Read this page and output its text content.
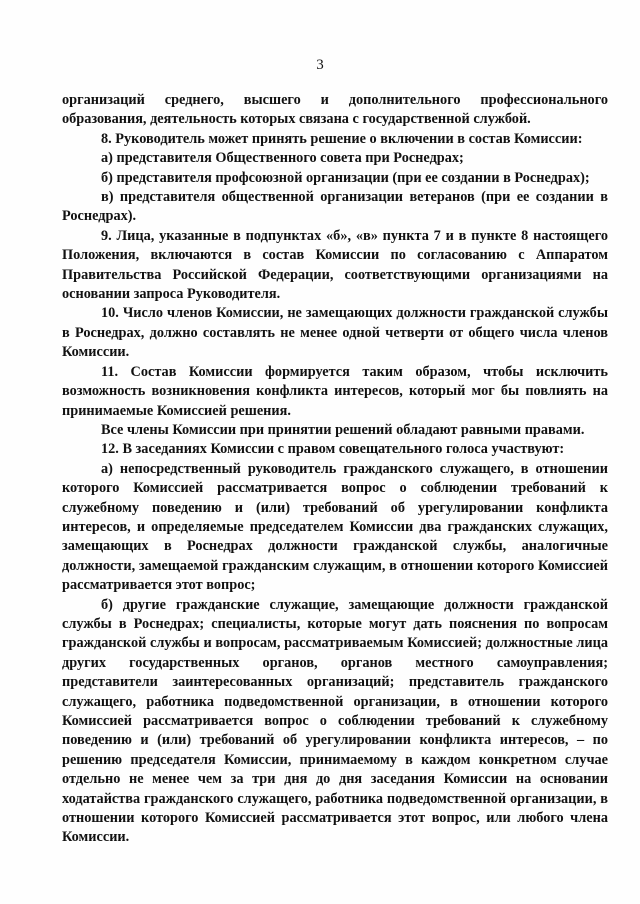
3

организаций среднего, высшего и дополнительного профессионального образования, деятельность которых связана с государственной службой.

8. Руководитель может принять решение о включении в состав Комиссии:

а) представителя Общественного совета при Роснедрах;

б) представителя профсоюзной организации (при ее создании в Роснедрах);

в) представителя общественной организации ветеранов (при ее создании в Роснедрах).

9. Лица, указанные в подпунктах «б», «в» пункта 7 и в пункте 8 настоящего Положения, включаются в состав Комиссии по согласованию с Аппаратом Правительства Российской Федерации, соответствующими организациями на основании запроса Руководителя.

10. Число членов Комиссии, не замещающих должности гражданской службы в Роснедрах, должно составлять не менее одной четверти от общего числа членов Комиссии.

11. Состав Комиссии формируется таким образом, чтобы исключить возможность возникновения конфликта интересов, который мог бы повлиять на принимаемые Комиссией решения.

Все члены Комиссии при принятии решений обладают равными правами.

12. В заседаниях Комиссии с правом совещательного голоса участвуют:

а) непосредственный руководитель гражданского служащего, в отношении которого Комиссией рассматривается вопрос о соблюдении требований к служебному поведению и (или) требований об урегулировании конфликта интересов, и определяемые председателем Комиссии два гражданских служащих, замещающих в Роснедрах должности гражданской службы, аналогичные должности, замещаемой гражданским служащим, в отношении которого Комиссией рассматривается этот вопрос;

б) другие гражданские служащие, замещающие должности гражданской службы в Роснедрах; специалисты, которые могут дать пояснения по вопросам гражданской службы и вопросам, рассматриваемым Комиссией; должностные лица других государственных органов, органов местного самоуправления; представители заинтересованных организаций; представитель гражданского служащего, работника подведомственной организации, в отношении которого Комиссией рассматривается вопрос о соблюдении требований к служебному поведению и (или) требований об урегулировании конфликта интересов, – по решению председателя Комиссии, принимаемому в каждом конкретном случае отдельно не менее чем за три дня до дня заседания Комиссии на основании ходатайства гражданского служащего, работника подведомственной организации, в отношении которого Комиссией рассматривается этот вопрос, или любого члена Комиссии.
